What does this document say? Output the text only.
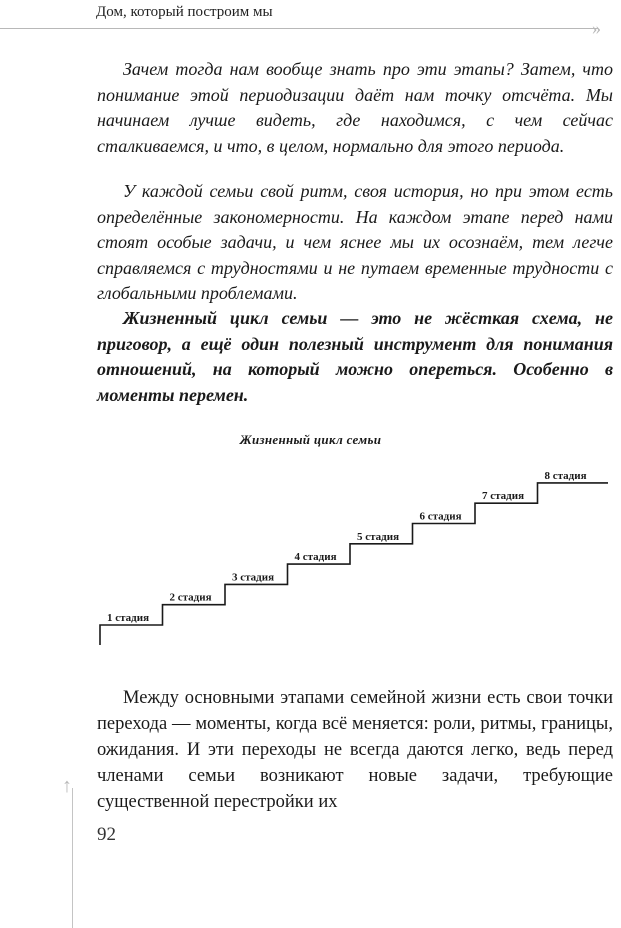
Дом, который построим мы
»

Зачем тогда нам вообще знать про эти этапы? Затем, что понимание этой периодизации даёт нам точку отсчёта. Мы начинаем лучше видеть, где находимся, с чем сейчас сталкиваемся, и что, в целом, нормально для этого периода.

У каждой семьи свой ритм, своя история, но при этом есть определённые закономерности. На каждом этапе перед нами стоят особые задачи, и чем яснее мы их осознаём, тем легче справляемся с трудностями и не путаем временные трудности с глобальными проблемами.

Жизненный цикл семьи — это не жёсткая схема, не приговор, а ещё один полезный инструмент для понимания отношений, на который можно опереться. Особенно в моменты перемен.

Жизненный цикл семьи
1 стадия
2 стадия
3 стадия
4 стадия
5 стадия
6 стадия
7 стадия
8 стадия

Между основными этапами семейной жизни есть свои точки перехода — моменты, когда всё меняется: роли, ритмы, границы, ожидания. И эти переходы не всегда даются легко, ведь перед членами семьи возникают новые задачи, требующие существенной перестройки их

↑
92
